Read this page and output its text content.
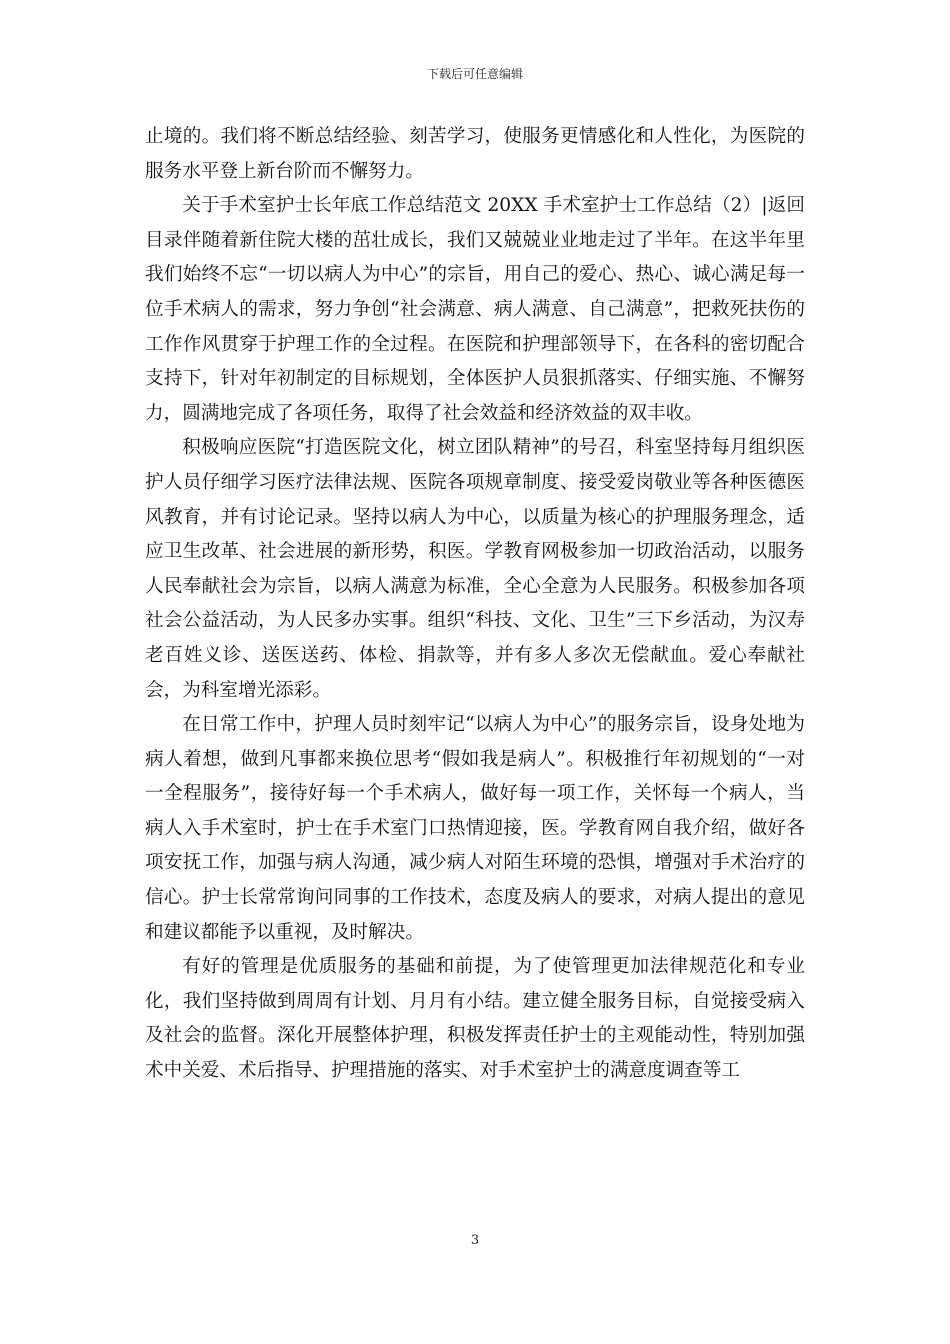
下载后可任意编辑

止境的。我们将不断总结经验、刻苦学习，使服务更情感化和人性化，为医院的服务水平登上新台阶而不懈努力。

关于手术室护士长年底工作总结范文 20XX 手术室护士工作总结（2）|返回目录伴随着新住院大楼的茁壮成长，我们又兢兢业业地走过了半年。在这半年里我们始终不忘“一切以病人为中心”的宗旨，用自己的爱心、热心、诚心满足每一位手术病人的需求，努力争创“社会满意、病人满意、自己满意”，把救死扶伤的工作作风贯穿于护理工作的全过程。在医院和护理部领导下，在各科的密切配合支持下，针对年初制定的目标规划，全体医护人员狠抓落实、仔细实施、不懈努力，圆满地完成了各项任务，取得了社会效益和经济效益的双丰收。

积极响应医院“打造医院文化，树立团队精神”的号召，科室坚持每月组织医护人员仔细学习医疗法律法规、医院各项规章制度、接受爱岗敬业等各种医德医风教育，并有讨论记录。坚持以病人为中心，以质量为核心的护理服务理念，适应卫生改革、社会进展的新形势，积医。学教育网极参加一切政治活动，以服务人民奉献社会为宗旨，以病人满意为标准，全心全意为人民服务。积极参加各项社会公益活动，为人民多办实事。组织“科技、文化、卫生”三下乡活动，为汉寿老百姓义诊、送医送药、体检、捐款等，并有多人多次无偿献血。爱心奉献社会，为科室增光添彩。

在日常工作中，护理人员时刻牢记“以病人为中心”的服务宗旨，设身处地为病人着想，做到凡事都来换位思考“假如我是病人”。积极推行年初规划的“一对一全程服务”，接待好每一个手术病人，做好每一项工作，关怀每一个病人，当病人入手术室时，护士在手术室门口热情迎接，医。学教育网自我介绍，做好各项安抚工作，加强与病人沟通，减少病人对陌生环境的恐惧，增强对手术治疗的信心。护士长常常询问同事的工作技术，态度及病人的要求，对病人提出的意见和建议都能予以重视，及时解决。

有好的管理是优质服务的基础和前提，为了使管理更加法律规范化和专业化，我们坚持做到周周有计划、月月有小结。建立健全服务目标，自觉接受病入及社会的监督。深化开展整体护理，积极发挥责任护士的主观能动性，特别加强术中关爱、术后指导、护理措施的落实、对手术室护士的满意度调查等工

3
